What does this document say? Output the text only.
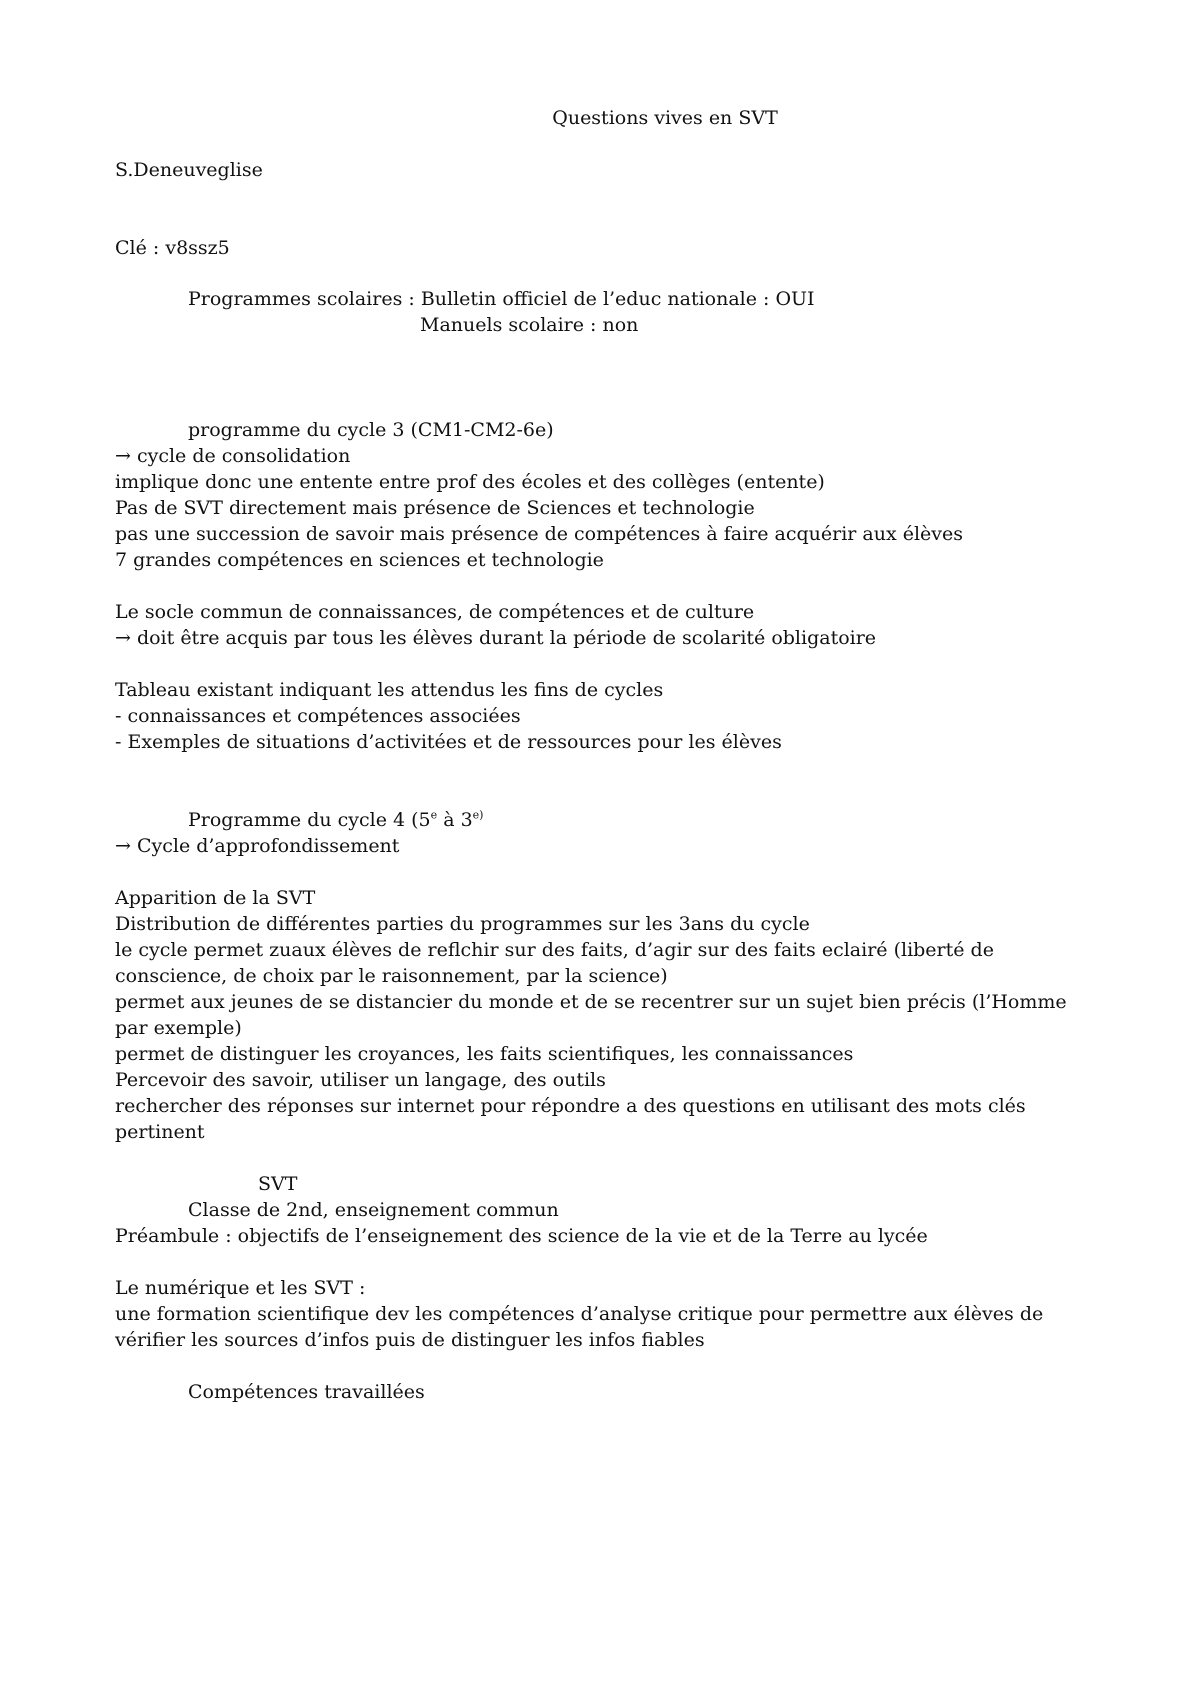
Questions vives en SVT
S.Deneuveglise
Clé : v8ssz5
Programmes scolaires : Bulletin officiel de l’educ nationale : OUI
Manuels scolaire : non
programme du cycle 3 (CM1-CM2-6e)
→ cycle de consolidation
implique donc une entente entre prof des écoles et des collèges (entente)
Pas de SVT directement mais présence de Sciences et technologie
pas une succession de savoir mais présence de compétences à faire acquérir aux élèves
7 grandes compétences en sciences et technologie
Le socle commun de connaissances, de compétences et de culture
→ doit être acquis par tous les élèves durant la période de scolarité obligatoire
Tableau existant indiquant les attendus les fins de cycles
- connaissances et compétences associées
- Exemples de situations d’activitées et de ressources pour les élèves
Programme du cycle 4 (5e à $3^{e)}$
→ Cycle d’approfondissement
Apparition de la SVT
Distribution de différentes parties du programmes sur les 3ans du cycle
le cycle permet zuaux élèves de reflchir sur des faits, d’agir sur des faits eclairé (liberté de
conscience, de choix par le raisonnement, par la science)
permet aux jeunes de se distancier du monde et de se recentrer sur un sujet bien précis (l’Homme
par exemple)
permet de distinguer les croyances, les faits scientifiques, les connaissances
Percevoir des savoir, utiliser un langage, des outils
rechercher des réponses sur internet pour répondre a des questions en utilisant des mots clés
pertinent
SVT
Classe de 2nd, enseignement commun
Préambule : objectifs de l’enseignement des science de la vie et de la Terre au lycée
Le numérique et les SVT :
une formation scientifique dev les compétences d’analyse critique pour permettre aux élèves de
vérifier les sources d’infos puis de distinguer les infos fiables
Compétences travaillées
